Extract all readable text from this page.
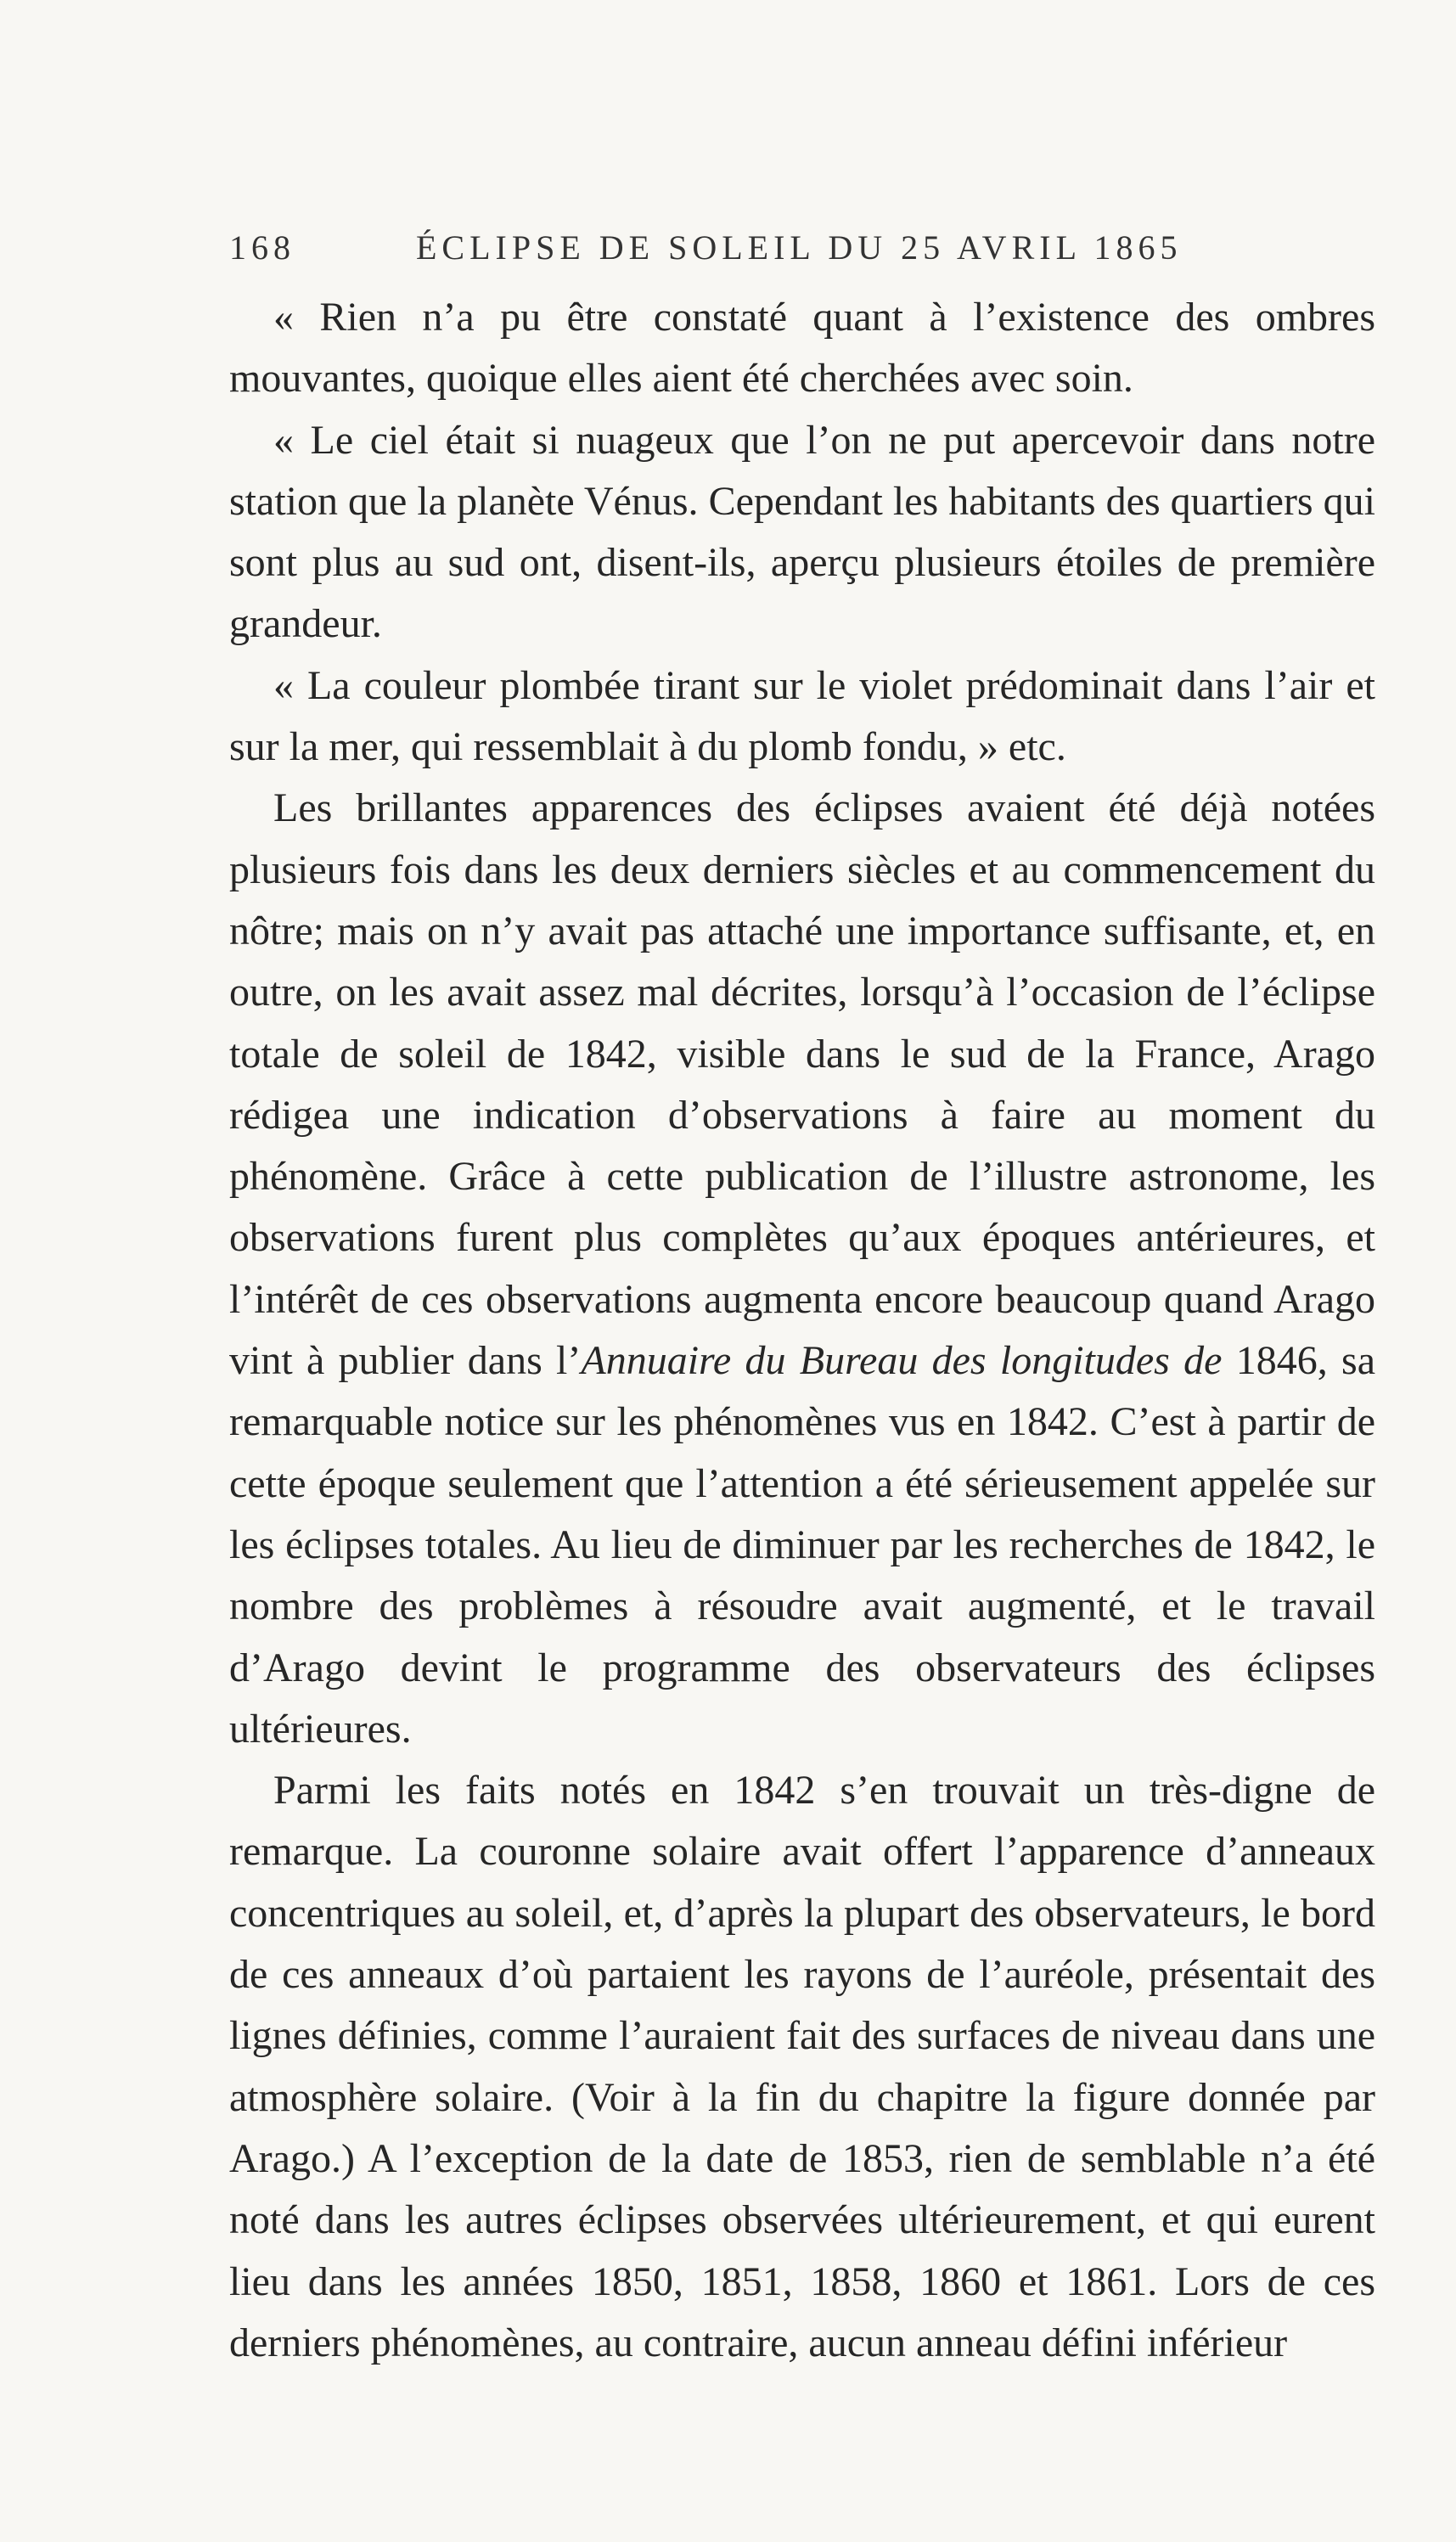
168	ÉCLIPSE DE SOLEIL DU 25 AVRIL 1865

« Rien n’a pu être constaté quant à l’existence des ombres mouvantes, quoique elles aient été cherchées avec soin.

« Le ciel était si nuageux que l’on ne put apercevoir dans notre station que la planète Vénus. Cependant les habitants des quartiers qui sont plus au sud ont, disent-ils, aperçu plusieurs étoiles de première grandeur.

« La couleur plombée tirant sur le violet prédominait dans l’air et sur la mer, qui ressemblait à du plomb fondu, » etc.

Les brillantes apparences des éclipses avaient été déjà notées plusieurs fois dans les deux derniers siècles et au commencement du nôtre; mais on n’y avait pas attaché une importance suffisante, et, en outre, on les avait assez mal décrites, lorsqu’à l’occasion de l’éclipse totale de soleil de 1842, visible dans le sud de la France, Arago rédigea une indication d’observations à faire au moment du phénomène. Grâce à cette publication de l’illustre astronome, les observations furent plus complètes qu’aux époques antérieures, et l’intérêt de ces observations augmenta encore beaucoup quand Arago vint à publier dans l’Annuaire du Bureau des longitudes de 1846, sa remarquable notice sur les phénomènes vus en 1842. C’est à partir de cette époque seulement que l’attention a été sérieusement appelée sur les éclipses totales. Au lieu de diminuer par les recherches de 1842, le nombre des problèmes à résoudre avait augmenté, et le travail d’Arago devint le programme des observateurs des éclipses ultérieures.

Parmi les faits notés en 1842 s’en trouvait un très-digne de remarque. La couronne solaire avait offert l’apparence d’anneaux concentriques au soleil, et, d’après la plupart des observateurs, le bord de ces anneaux d’où partaient les rayons de l’auréole, présentait des lignes définies, comme l’auraient fait des surfaces de niveau dans une atmosphère solaire. (Voir à la fin du chapitre la figure donnée par Arago.) A l’exception de la date de 1853, rien de semblable n’a été noté dans les autres éclipses observées ultérieurement, et qui eurent lieu dans les années 1850, 1851, 1858, 1860 et 1861. Lors de ces derniers phénomènes, au contraire, aucun anneau défini inférieur
